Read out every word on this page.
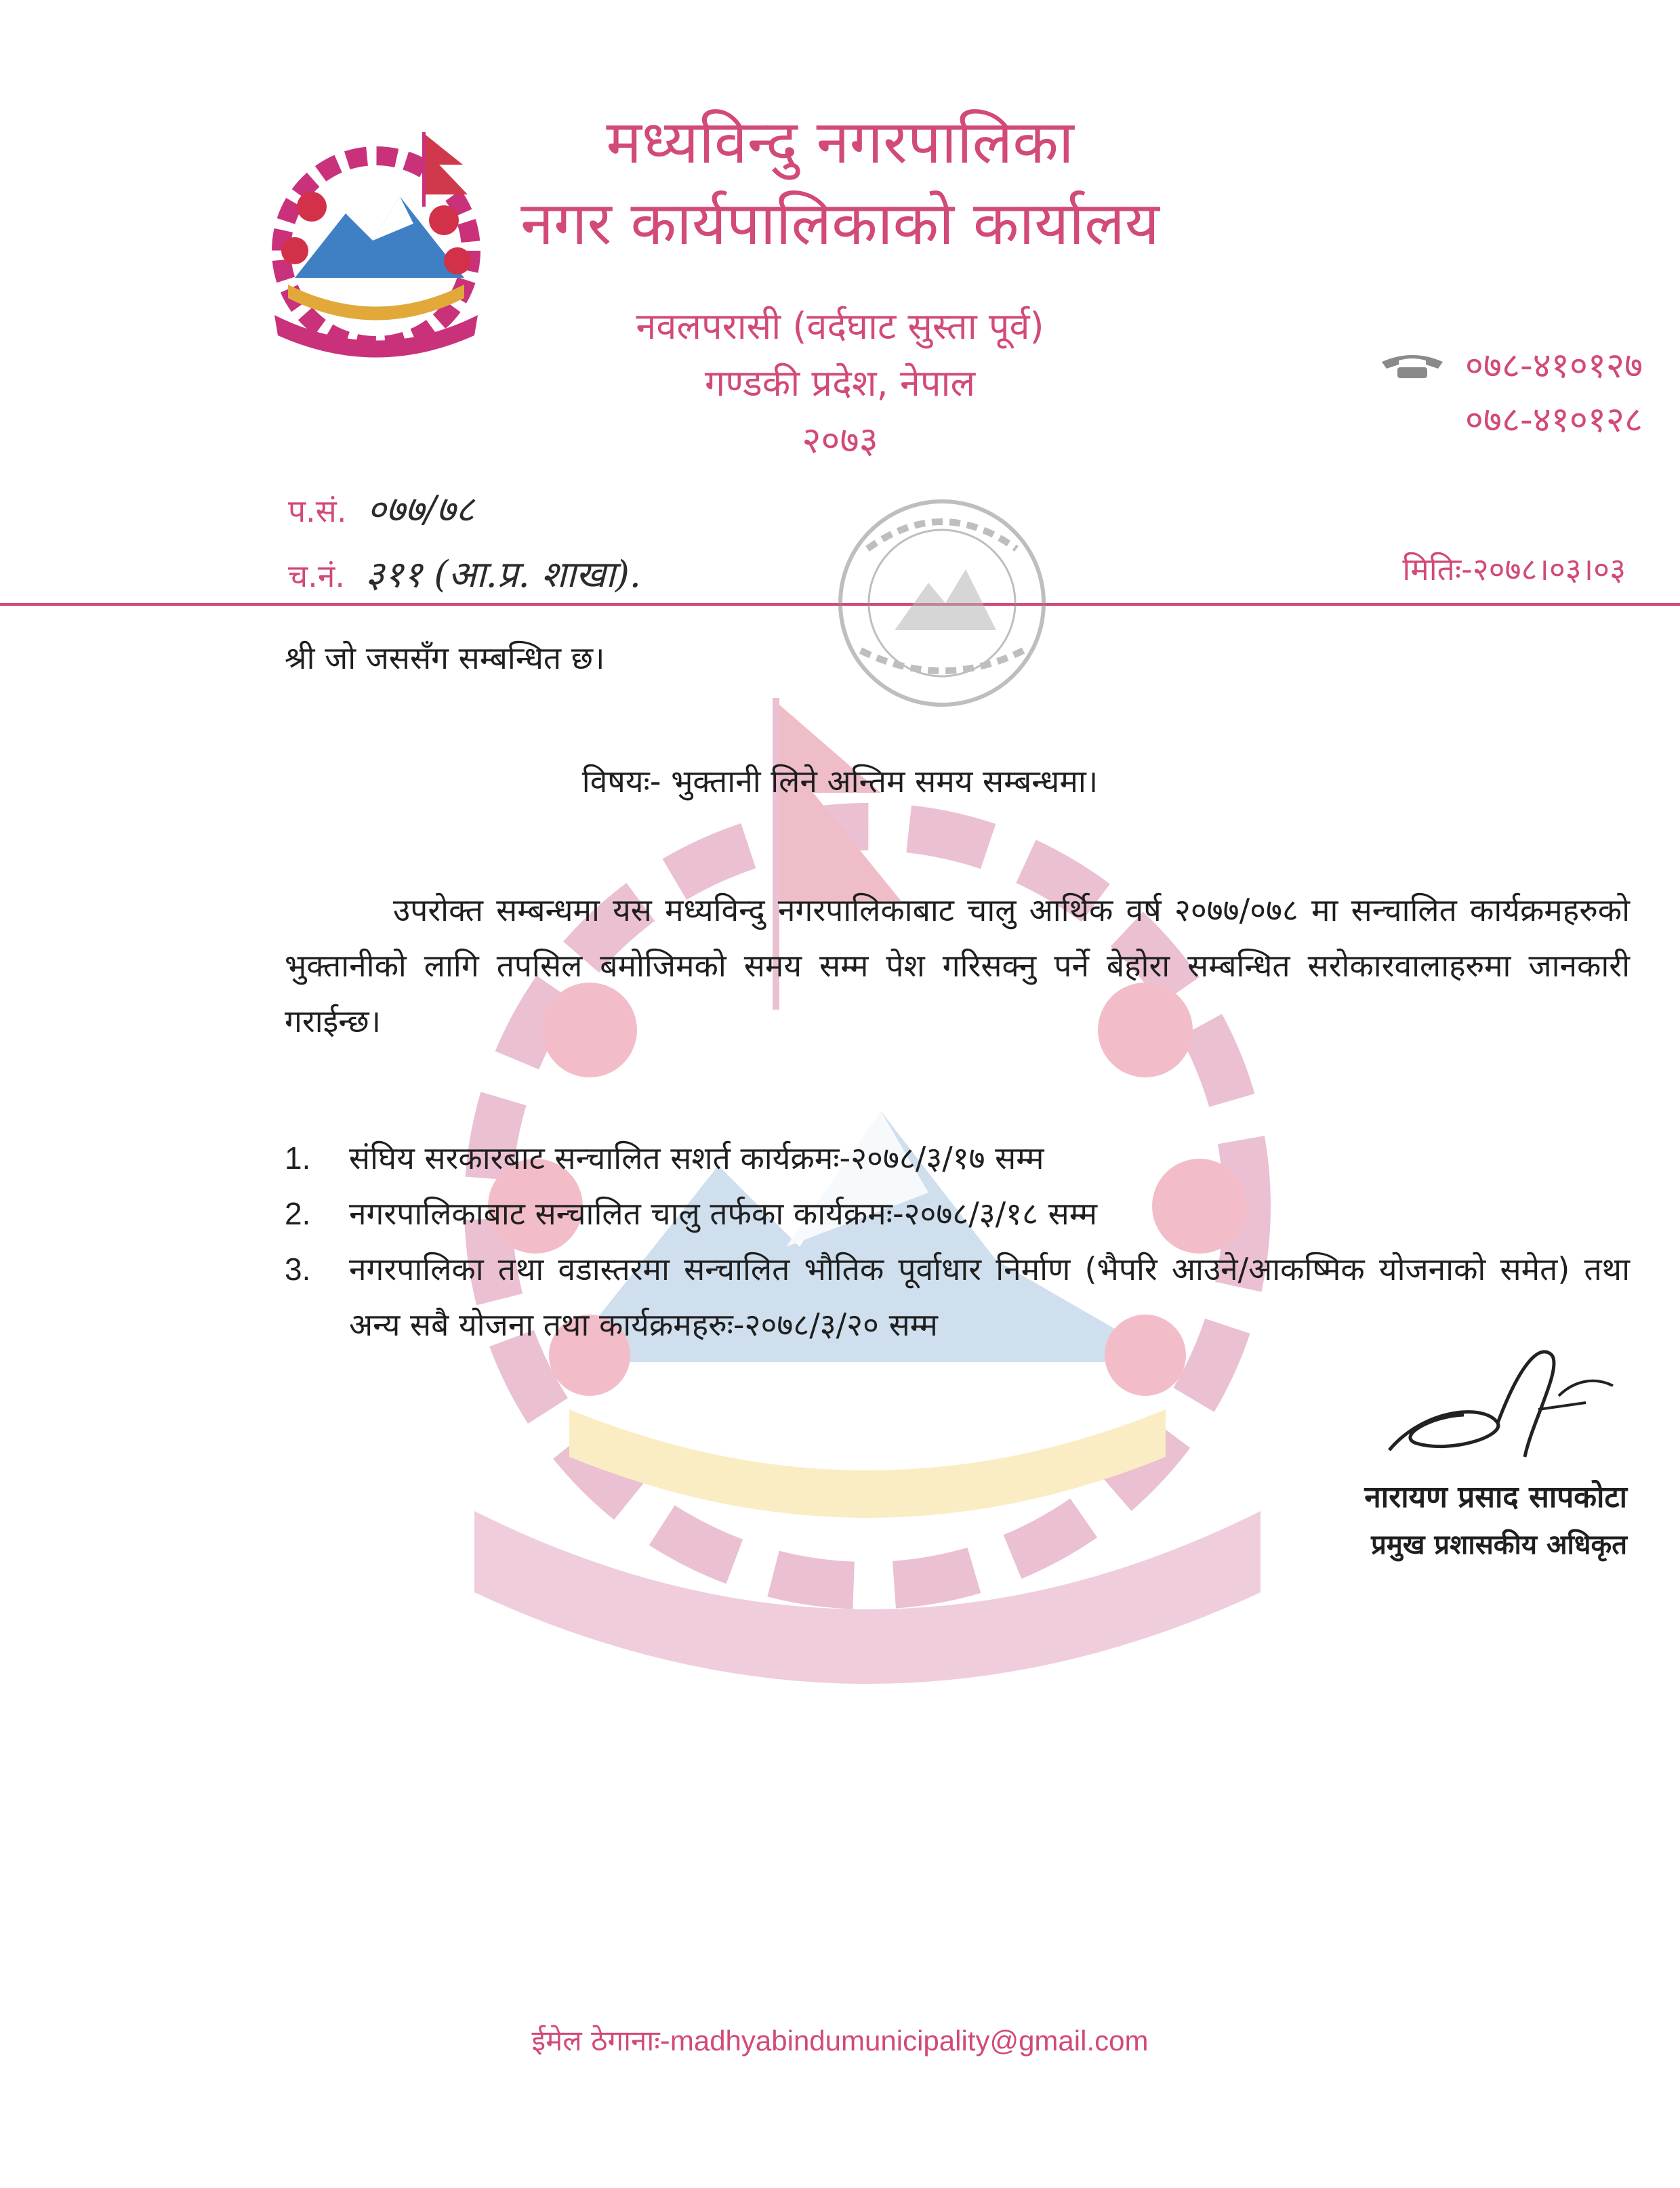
मध्यविन्दु नगरपालिका
नगर कार्यपालिकाको कार्यालय
नवलपरासी (वर्दघाट सुस्ता पूर्व)
गण्डकी प्रदेश, नेपाल
२०७३
०७८-४१०१२७
०७८-४१०१२८
प.सं. ०७७/७८
च.नं. ३११ (आ.प्र. शाखा).	मितिः-२०७८।०३।०३
श्री जो जससँग सम्बन्धित छ।
विषयः- भुक्तानी लिने अन्तिम समय सम्बन्धमा।
उपरोक्त सम्बन्धमा यस मध्यविन्दु नगरपालिकाबाट चालु आर्थिक वर्ष २०७७/०७८ मा सन्चालित कार्यक्रमहरुको भुक्तानीको लागि तपसिल बमोजिमको समय सम्म पेश गरिसक्नु पर्ने बेहोरा सम्बन्धित सरोकारवालाहरुमा जानकारी गराईन्छ।
1.	संघिय सरकारबाट सन्चालित सशर्त कार्यक्रमः-२०७८/३/१७ सम्म
2.	नगरपालिकाबाट सन्चालित चालु तर्फका कार्यक्रमः-२०७८/३/१८ सम्म
3.	नगरपालिका तथा वडास्तरमा सन्चालित भौतिक पूर्वाधार निर्माण (भैपरि आउने/आकष्मिक योजनाको समेत) तथा अन्य सबै योजना तथा कार्यक्रमहरुः-२०७८/३/२० सम्म
नारायण प्रसाद सापकोटा
प्रमुख प्रशासकीय अधिकृत
ईमेल ठेगानाः-madhyabindumunicipality@gmail.com
